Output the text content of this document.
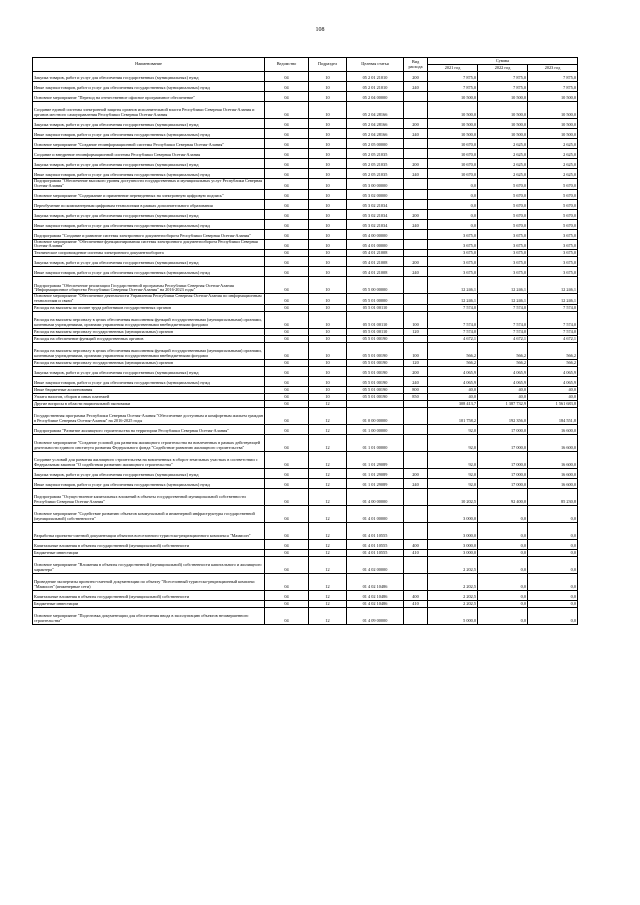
108
Наименование	Ведомство	Подраздел	Целевая статья	Вид расхода	Суммы		
					2021 год	2022 год	2023 год
Закупка товаров, работ и услуг для обеспечения государственных (муниципальных) нужд	04	10	05 2 01 21010	200	7 875,0	7 875,0	7 875,0
Иные закупки товаров, работ и услуг для обеспечения государственных (муниципальных) нужд	04	10	05 2 01 21010	240	7 875,0	7 875,0	7 875,0
Основное мероприятие "Переход на отечественное офисное программное обеспечение"	04	10	05 2 04 00000		10 500,0	10 500,0	10 500,0
Создание единой системы электронной защиты органов исполнительной власти Республики Северная Осетия-Алания и органов местного самоуправления Республики Северная Осетия-Алания	04	10	05 2 04 28166		10 500,0	10 500,0	10 500,0
Закупка товаров, работ и услуг для обеспечения государственных (муниципальных) нужд	04	10	05 2 04 28166	200	10 500,0	10 500,0	10 500,0
Иные закупки товаров, работ и услуг для обеспечения государственных (муниципальных) нужд	04	10	05 2 04 28166	240	10 500,0	10 500,0	10 500,0
Основное мероприятие "Создание геоинформационной системы Республики Северная Осетия-Алания"	04	10	05 2 05 00000		10 670,0	2 625,0	2 625,0
Создание и внедрение геоинформационной системы Республики Северная Осетия-Алания	04	10	05 2 05 21035		10 670,0	2 625,0	2 625,0
Закупка товаров, работ и услуг для обеспечения государственных (муниципальных) нужд	04	10	05 2 05 21035	200	10 670,0	2 625,0	2 625,0
Иные закупки товаров, работ и услуг для обеспечения государственных (муниципальных) нужд	04	10	05 2 05 21035	240	10 670,0	2 625,0	2 625,0
Подпрограмма "Обеспечение высокого уровня доступности государственных и муниципальных услуг Республики Северная Осетия-Алания"	04	10	05 3 00 00000		0,0	5 670,0	5 670,0
Основное мероприятие "Содержание и применение переведенных на электронную цифровую подпись"	04	10	05 3 02 00000		0,0	5 670,0	5 670,0
Переобучение по компьютерным цифровым технологиям в рамках дополнительного образования	04	10	05 3 02 21034		0,0	5 670,0	5 670,0
Закупка товаров, работ и услуг для обеспечения государственных (муниципальных) нужд	04	10	05 3 02 21034	200	0,0	5 670,0	5 670,0
Иные закупки товаров, работ и услуг для обеспечения государственных (муниципальных) нужд	04	10	05 3 02 21034	240	0,0	5 670,0	5 670,0
Подпрограмма "Создание и развитие системы электронного документооборота Республики Северная Осетия-Алания"	04	10	05 4 00 00000		3 675,0	3 675,0	3 675,0
Основное мероприятие "Обеспечение функционирования системы электронного документооборота Республики Северная Осетия-Алания"	04	10	05 4 01 00000		3 675,0	3 675,0	3 675,0
Техническое сопровождение системы электронного документооборота	04	10	05 4 01 21008		3 675,0	3 675,0	3 675,0
Закупка товаров, работ и услуг для обеспечения государственных (муниципальных) нужд	04	10	05 4 01 21008	200	3 675,0	3 675,0	3 675,0
Иные закупки товаров, работ и услуг для обеспечения государственных (муниципальных) нужд	04	10	05 4 01 21008	240	3 675,0	3 675,0	3 675,0
Подпрограмма "Обеспечение реализации Государственной программы Республики Северная Осетия-Алания "Информационное общество Республики Северная Осетия-Алания" на 2016-2023 годы"	04	10	05 5 00 00000		12 246,1	12 246,1	12 246,1
Основное мероприятие "Обеспечение деятельности Управления Республики Северная Осетия-Алания по информационным технологиям и связи"	04	10	05 5 01 00000		12 246,1	12 246,1	12 246,1
Расходы на выплаты по оплате труда работников государственных органов	04	10	05 5 01 00110		7 574,0	7 574,0	7 574,0
Расходы на выплаты персоналу в целях обеспечения выполнения функций государственными (муниципальными) органами, казенными учреждениями, органами управления государственными внебюджетными фондами	04	10	05 5 01 00110	100	7 574,0	7 574,0	7 574,0
Расходы на выплаты персоналу государственных (муниципальных) органов	04	10	05 5 01 00110	120	7 574,0	7 574,0	7 574,0
Расходы на обеспечение функций государственных органов	04	10	05 5 01 00190		4 672,1	4 672,1	4 672,1
Расходы на выплаты персоналу в целях обеспечения выполнения функций государственными (муниципальными) органами, казенными учреждениями, органами управления государственными внебюджетными фондами	04	10	05 5 01 00190	100	566,2	566,2	566,2
Расходы на выплаты персоналу государственных (муниципальных) органов	04	10	05 5 01 00190	120	566,2	566,2	566,2
Закупка товаров, работ и услуг для обеспечения государственных (муниципальных) нужд	04	10	05 5 01 00190	200	4 065,9	4 065,9	4 065,9
Иные закупки товаров, работ и услуг для обеспечения государственных (муниципальных) нужд	04	10	05 5 01 00190	240	4 065,9	4 065,9	4 065,9
Иные бюджетные ассигнования	04	10	05 5 01 00190	800	40,0	40,0	40,0
Уплата налогов, сборов и иных платежей	04	10	05 5 01 00190	850	40,0	40,0	40,0
Другие вопросы в области национальной экономики	04	12			308 413,7	1 387 732,9	1 561 683,8
Государственная программа Республики Северная Осетия-Алания "Обеспечение доступным и комфортным жильем граждан в Республике Северная Осетия-Алания" на 2016-2025 годы	04	12	01 0 00 00000		101 758,2	192 356,0	184 551,8
Подпрограмма "Развитие жилищного строительства на территории Республики Северная Осетия-Алания"	04	12	01 1 00 00000		92,0	17 000,0	16 600,0
Основное мероприятие "Создание условий для развития жилищного строительства на вовлеченных в рамках действующей деятельности единого института развития Федерального фонда "Содействие развитию жилищного строительства"	04	12	01 1 01 00000		92,0	17 000,0	16 600,0
Создание условий для развития жилищного строительства на вовлеченных в оборот земельных участках в соответствии с Федеральным законом "О содействии развитию жилищного строительства"	04	12	01 1 01 29089		92,0	17 000,0	16 600,0
Закупка товаров, работ и услуг для обеспечения государственных (муниципальных) нужд	04	12	01 1 01 29089	200	92,0	17 000,0	16 600,0
Иные закупки товаров, работ и услуг для обеспечения государственных (муниципальных) нужд	04	12	01 1 01 29089	240	92,0	17 000,0	16 600,0
Подпрограмма "Осуществление капитальных вложений в объекты государственной муниципальной собственности Республики Северная Осетия-Алания"	04	12	01 4 00 00000		10 202,5	92 400,0	85 230,8
Основное мероприятие "Содействие развитию объектов коммунальной и инженерной инфраструктуры государственной (муниципальной) собственности"	04	12	01 4 01 00000		3 000,0	0,0	0,0
Разработка проектно-сметной документации объектов всесезонного туристско-рекреационного комплекса "Мамисон"	04	12	01 4 01 10555		3 000,0	0,0	0,0
Капитальные вложения в объекты государственной (муниципальной) собственности	04	12	01 4 01 10555	400	3 000,0	0,0	0,0
Бюджетные инвестиции	04	12	01 4 01 10555	410	3 000,0	0,0	0,0
Основное мероприятие "Вложения в объекты государственной (муниципальной) собственности капитального и жилищного характера"	04	12	01 4 02 00000		2 202,5	0,0	0,0
Проведение экспертизы проектно-сметной документации по объекту "Всесезонный туристско-рекреационный комплекс "Мамисон" (инженерные сети)	04	12	01 4 02 10486		2 202,5	0,0	0,0
Капитальные вложения в объекты государственной (муниципальной) собственности	04	12	01 4 02 10486	400	2 202,5	0,0	0,0
Бюджетные инвестиции	04	12	01 4 02 10486	410	2 202,5	0,0	0,0
Основное мероприятие "Подготовка документации для обеспечения ввода в эксплуатацию объектов незавершенного строительства"	04	12	01 4 09 00000		5 000,0	0,0	0,0
